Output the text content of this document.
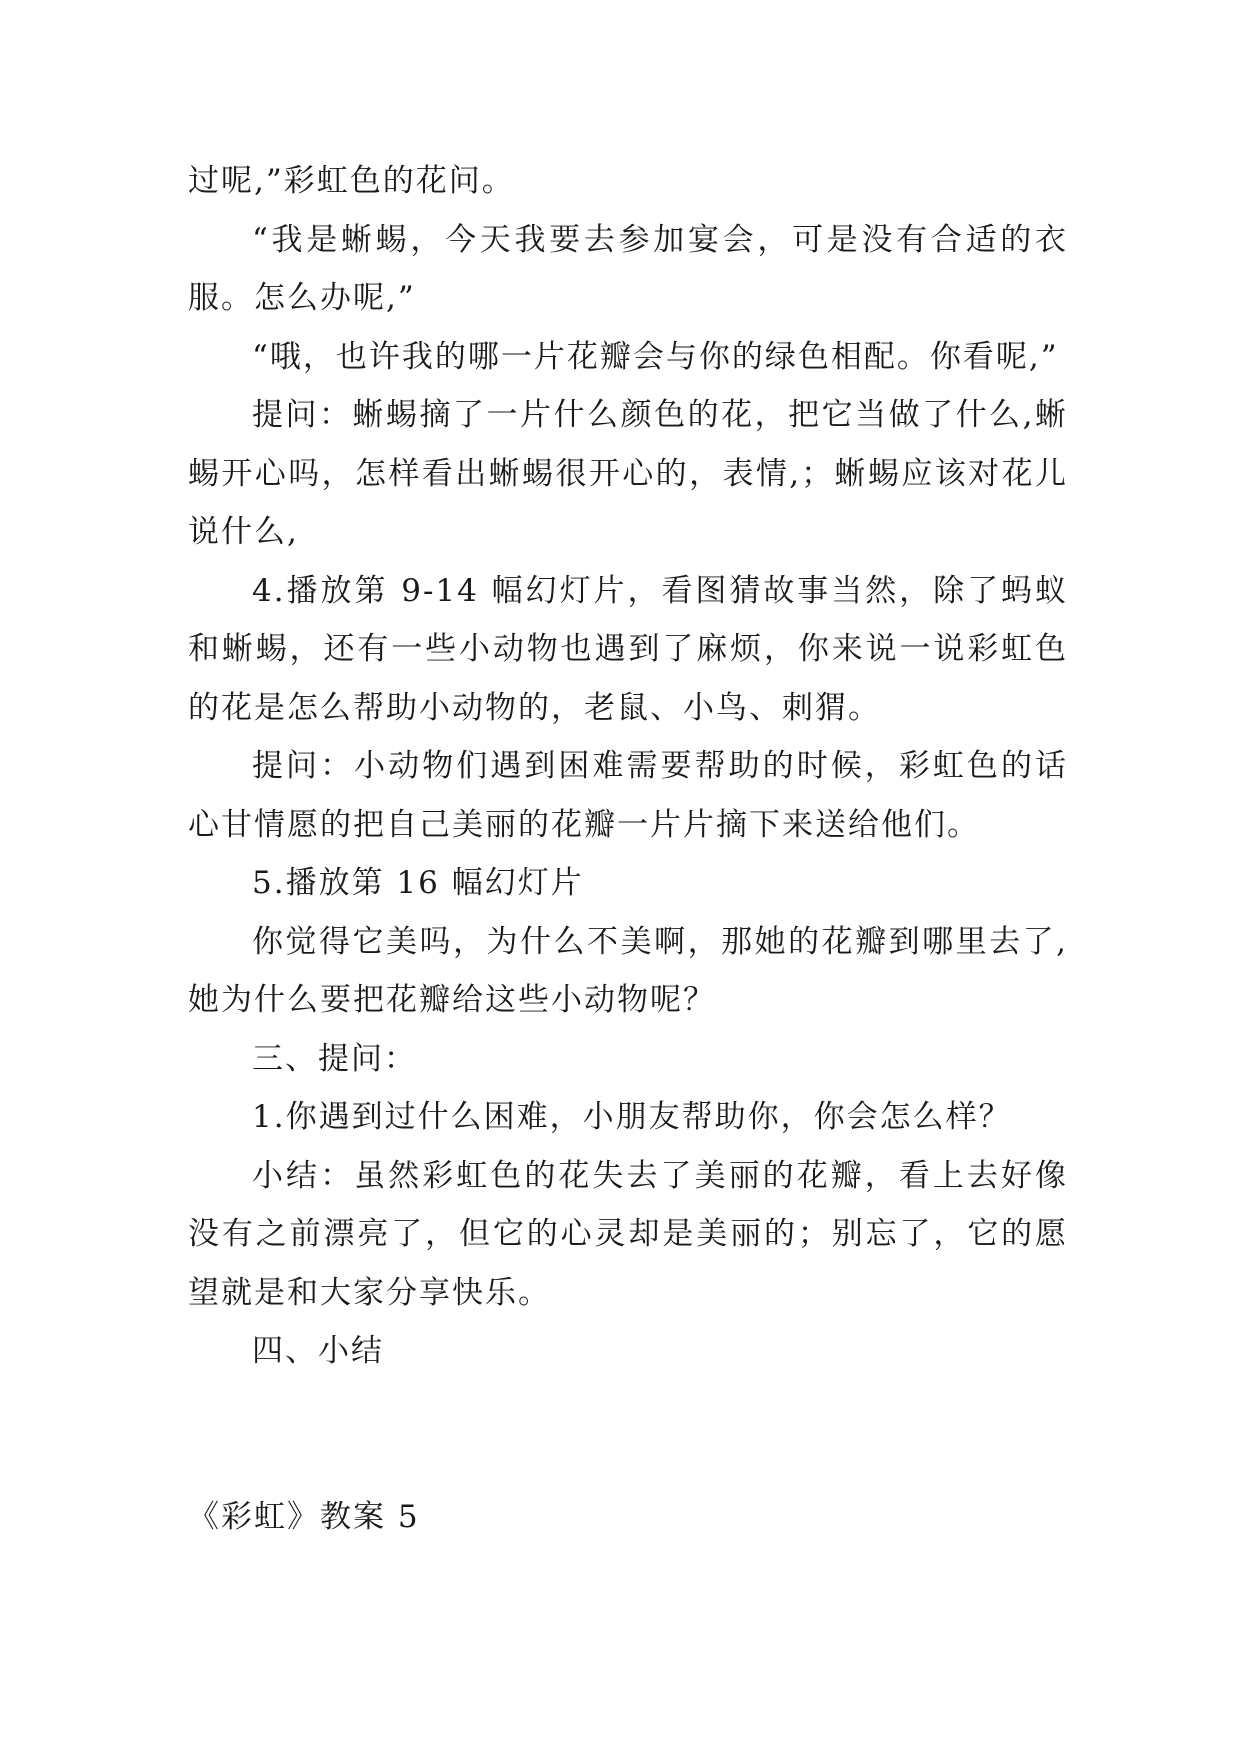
过呢,”彩虹色的花问。

“我是蜥蜴，今天我要去参加宴会，可是没有合适的衣服。怎么办呢,”

“哦，也许我的哪一片花瓣会与你的绿色相配。你看呢,”

提问：蜥蜴摘了一片什么颜色的花，把它当做了什么,蜥蜴开心吗，怎样看出蜥蜴很开心的，表情,；蜥蜴应该对花儿说什么,

4.播放第 9-14 幅幻灯片，看图猜故事当然，除了蚂蚁和蜥蜴，还有一些小动物也遇到了麻烦，你来说一说彩虹色的花是怎么帮助小动物的，老鼠、小鸟、刺猬。

提问：小动物们遇到困难需要帮助的时候，彩虹色的话心甘情愿的把自己美丽的花瓣一片片摘下来送给他们。

5.播放第 16 幅幻灯片

你觉得它美吗，为什么不美啊，那她的花瓣到哪里去了,她为什么要把花瓣给这些小动物呢？

三、提问：

1.你遇到过什么困难，小朋友帮助你，你会怎么样？

小结：虽然彩虹色的花失去了美丽的花瓣，看上去好像没有之前漂亮了，但它的心灵却是美丽的；别忘了，它的愿望就是和大家分享快乐。

四、小结

《彩虹》教案 5
